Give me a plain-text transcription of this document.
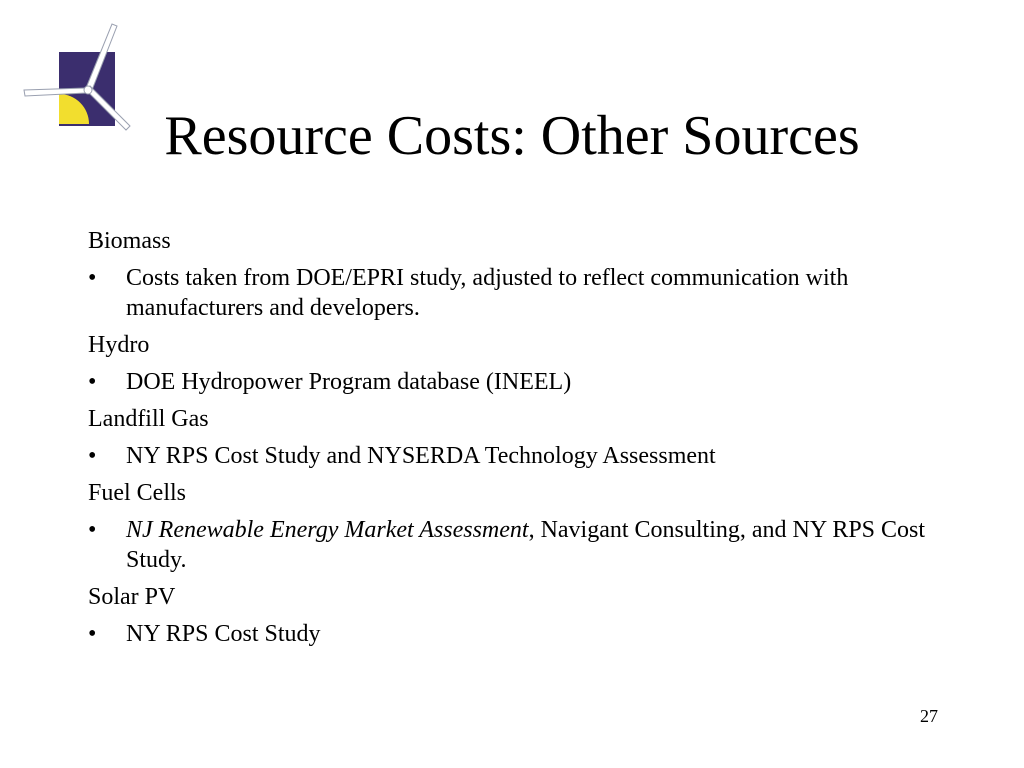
Resource Costs: Other Sources
Biomass
• Costs taken from DOE/EPRI study, adjusted to reflect communication with manufacturers and developers.
Hydro
• DOE Hydropower Program database (INEEL)
Landfill Gas
• NY RPS Cost Study and NYSERDA Technology Assessment
Fuel Cells
• NJ Renewable Energy Market Assessment, Navigant Consulting, and NY RPS Cost Study.
Solar PV
• NY RPS Cost Study
27
